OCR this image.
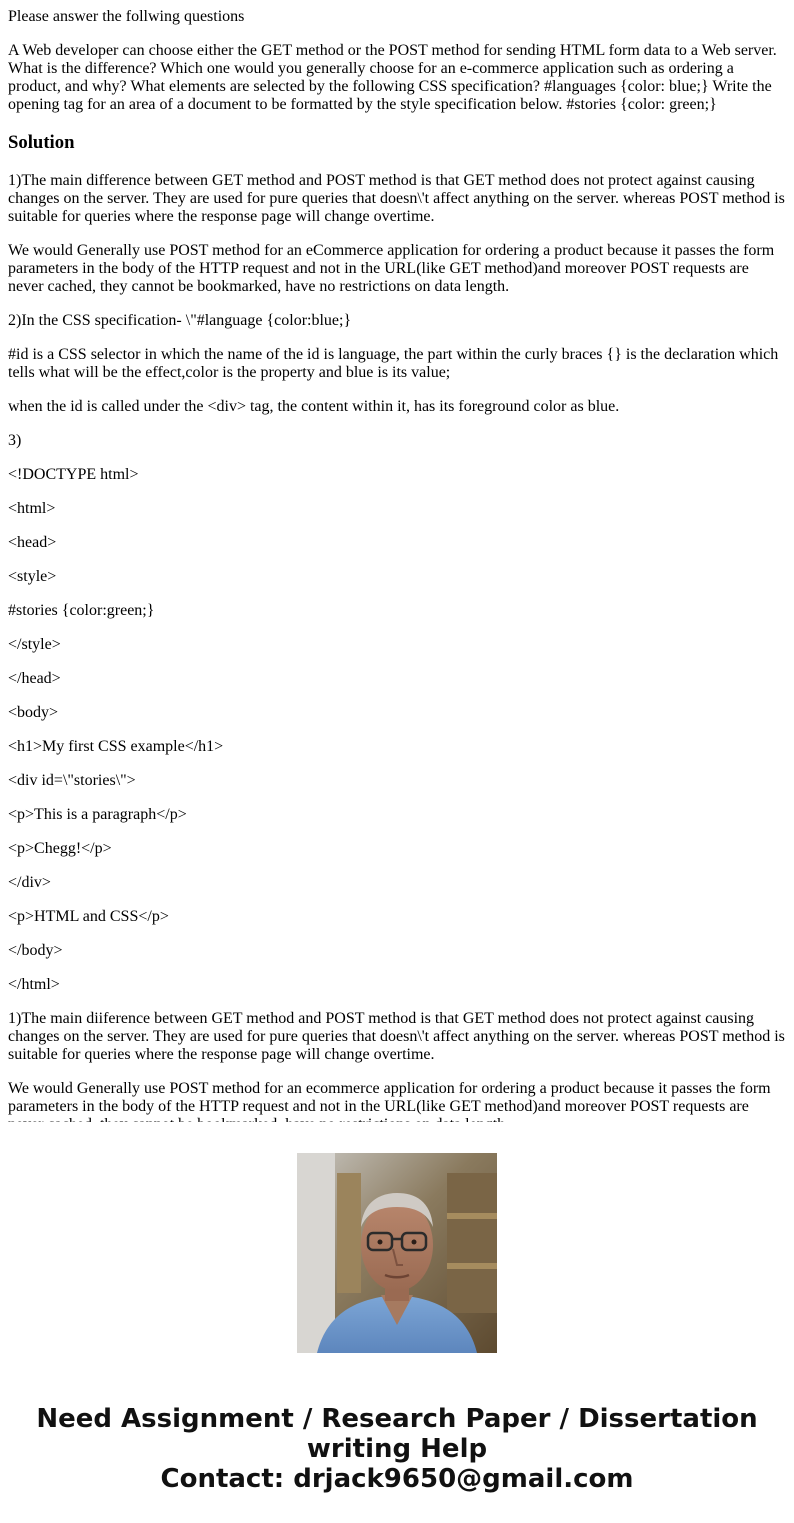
Please answer the follwing questions

A Web developer can choose either the GET method or the POST method for sending HTML form data to a Web server. What is the difference? Which one would you generally choose for an e-commerce application such as ordering a product, and why? What elements are selected by the following CSS specification? #languages {color: blue;} Write the opening tag for an area of a document to be formatted by the style specification below. #stories {color: green;}

Solution

1)The main difference between GET method and POST method is that GET method does not protect against causing changes on the server. They are used for pure queries that doesn\'t affect anything on the server. whereas POST method is suitable for queries where the response page will change overtime.

We would Generally use POST method for an eCommerce application for ordering a product because it passes the form parameters in the body of the HTTP request and not in the URL(like GET method)and moreover POST requests are never cached, they cannot be bookmarked, have no restrictions on data length.

2)In the CSS specification- \"#language {color:blue;}

#id is a CSS selector in which the name of the id is language, the part within the curly braces {} is the declaration which tells what will be the effect,color is the property and blue is its value;

when the id is called under the <div> tag, the content within it, has its foreground color as blue.

3)

<!DOCTYPE html>

<html>

<head>

<style>

#stories {color:green;}

</style>

</head>

<body>

<h1>My first CSS example</h1>

<div id=\"stories\">

<p>This is a paragraph</p>

<p>Chegg!</p>

</div>

<p>HTML and CSS</p>

</body>

</html>

1)The main diiference between GET method and POST method is that GET method does not protect against causing changes on the server. They are used for pure queries that doesn\'t affect anything on the server. whereas POST method is suitable for queries where the response page will change overtime.

We would Generally use POST method for an ecommerce application for ordering a product because it passes the form parameters in the body of the HTTP request and not in the URL(like GET method)and moreover POST requests are

Need Assignment / Research Paper / Dissertation
writing Help
Contact: drjack9650@gmail.com
